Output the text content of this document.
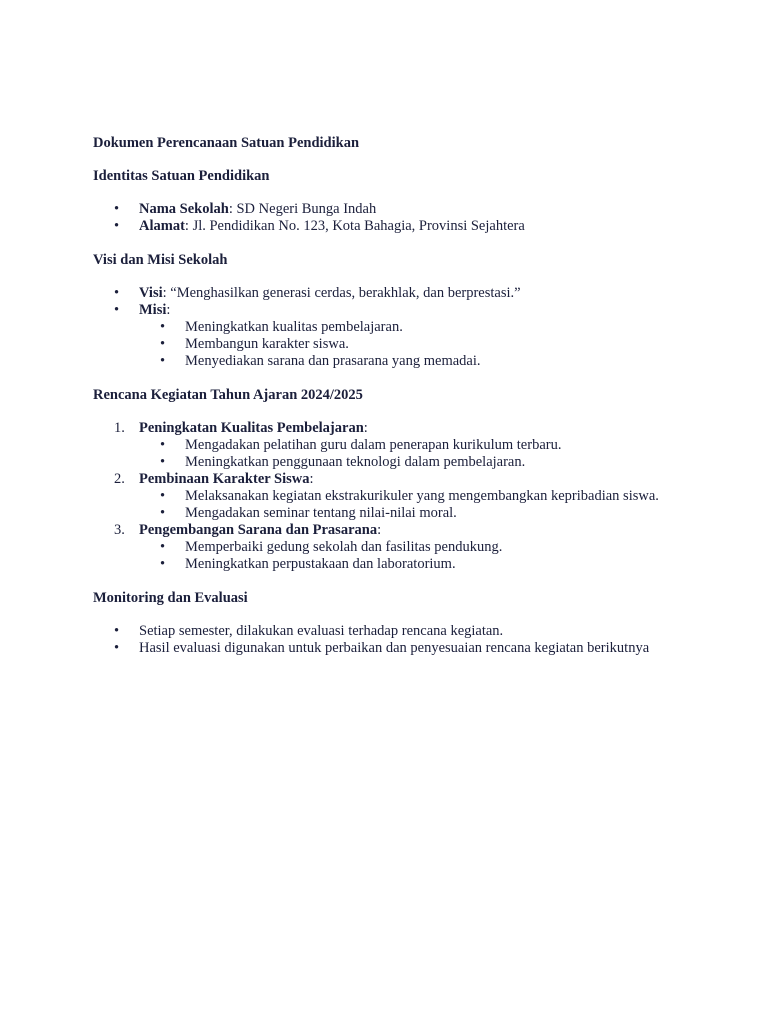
Dokumen Perencanaan Satuan Pendidikan
Identitas Satuan Pendidikan
• Nama Sekolah: SD Negeri Bunga Indah
• Alamat: Jl. Pendidikan No. 123, Kota Bahagia, Provinsi Sejahtera
Visi dan Misi Sekolah
• Visi: “Menghasilkan generasi cerdas, berakhlak, dan berprestasi.”
• Misi:
• Meningkatkan kualitas pembelajaran.
• Membangun karakter siswa.
• Menyediakan sarana dan prasarana yang memadai.
Rencana Kegiatan Tahun Ajaran 2024/2025
1. Peningkatan Kualitas Pembelajaran:
• Mengadakan pelatihan guru dalam penerapan kurikulum terbaru.
• Meningkatkan penggunaan teknologi dalam pembelajaran.
2. Pembinaan Karakter Siswa:
• Melaksanakan kegiatan ekstrakurikuler yang mengembangkan kepribadian siswa.
• Mengadakan seminar tentang nilai-nilai moral.
3. Pengembangan Sarana dan Prasarana:
• Memperbaiki gedung sekolah dan fasilitas pendukung.
• Meningkatkan perpustakaan dan laboratorium.
Monitoring dan Evaluasi
• Setiap semester, dilakukan evaluasi terhadap rencana kegiatan.
• Hasil evaluasi digunakan untuk perbaikan dan penyesuaian rencana kegiatan berikutnya
